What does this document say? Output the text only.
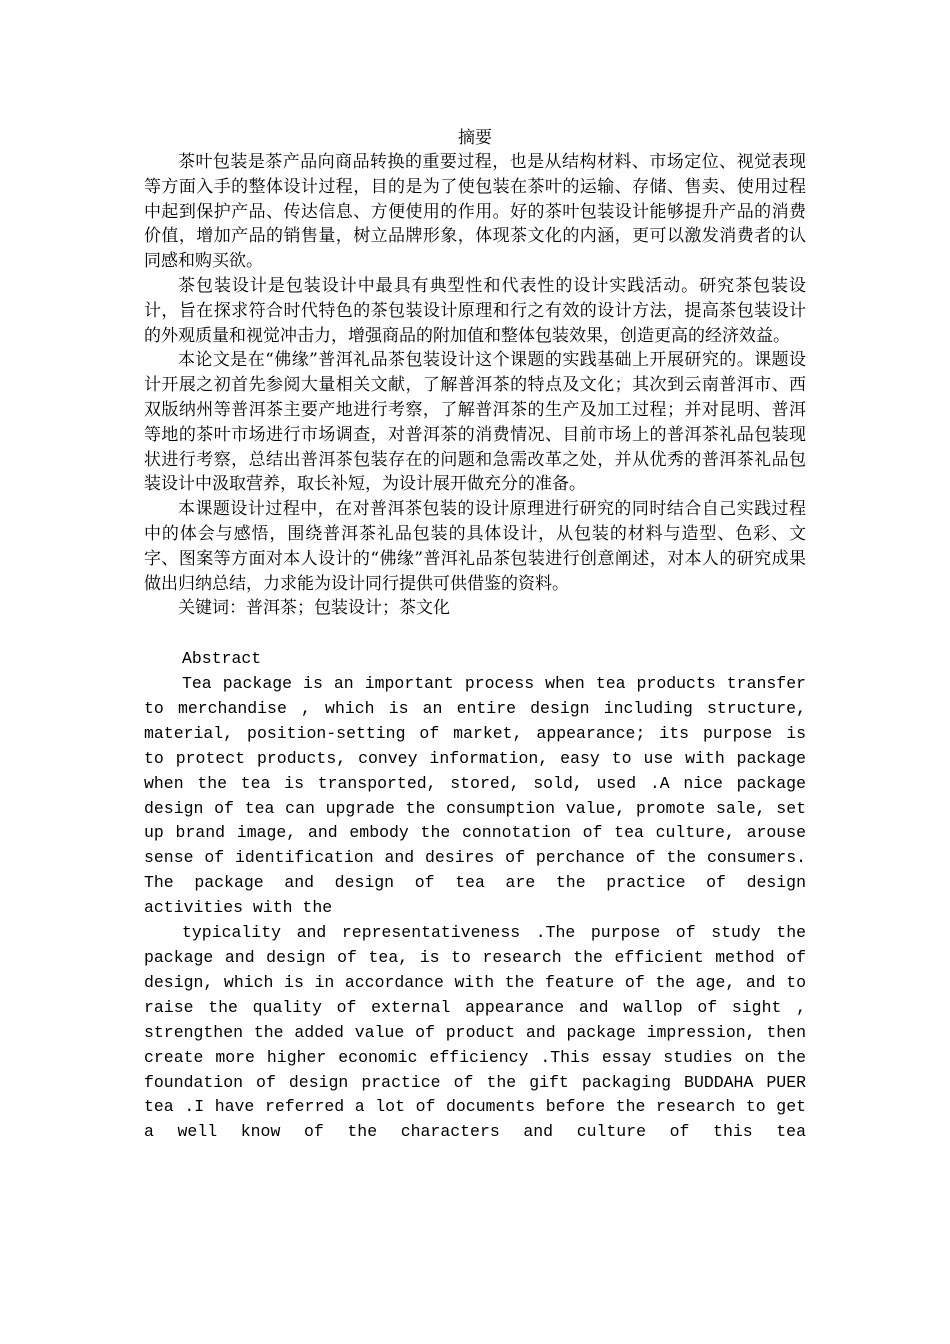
摘要

茶叶包装是茶产品向商品转换的重要过程，也是从结构材料、市场定位、视觉表现等方面入手的整体设计过程，目的是为了使包装在茶叶的运输、存储、售卖、使用过程中起到保护产品、传达信息、方便使用的作用。好的茶叶包装设计能够提升产品的消费价值，增加产品的销售量，树立品牌形象，体现茶文化的内涵，更可以激发消费者的认同感和购买欲。

茶包装设计是包装设计中最具有典型性和代表性的设计实践活动。研究茶包装设计，旨在探求符合时代特色的茶包装设计原理和行之有效的设计方法，提高茶包装设计的外观质量和视觉冲击力，增强商品的附加值和整体包装效果，创造更高的经济效益。

本论文是在“佛缘”普洱礼品茶包装设计这个课题的实践基础上开展研究的。课题设计开展之初首先参阅大量相关文献，了解普洱茶的特点及文化；其次到云南普洱市、西双版纳州等普洱茶主要产地进行考察，了解普洱茶的生产及加工过程；并对昆明、普洱等地的茶叶市场进行市场调查，对普洱茶的消费情况、目前市场上的普洱茶礼品包装现状进行考察，总结出普洱茶包装存在的问题和急需改革之处，并从优秀的普洱茶礼品包装设计中汲取营养，取长补短，为设计展开做充分的准备。

本课题设计过程中，在对普洱茶包装的设计原理进行研究的同时结合自己实践过程中的体会与感悟，围绕普洱茶礼品包装的具体设计，从包装的材料与造型、色彩、文字、图案等方面对本人设计的“佛缘”普洱礼品茶包装进行创意阐述，对本人的研究成果做出归纳总结，力求能为设计同行提供可供借鉴的资料。

关键词：普洱茶；包装设计；茶文化

Abstract

Tea package is an important process when tea products transfer to merchandise , which is an entire design including structure, material, position-setting of market, appearance; its purpose is to protect products, convey information, easy to use with package when the tea is transported, stored, sold, used .A nice package design of tea can upgrade the consumption value, promote sale, set up brand image, and embody the connotation of tea culture, arouse sense of identification and desires of perchance of the consumers. The package and design of tea are the practice of design activities with the

typicality and representativeness .The purpose of study the package and design of tea, is to research the efficient method of design, which is in accordance with the feature of the age, and to raise the quality of external appearance and wallop of sight , strengthen the added value of product and package impression, then create more higher economic efficiency .This essay studies on the foundation of design practice of the gift packaging BUDDAHA PUER tea .I have referred a lot of documents before the research to get a well know of the characters and culture of this tea
